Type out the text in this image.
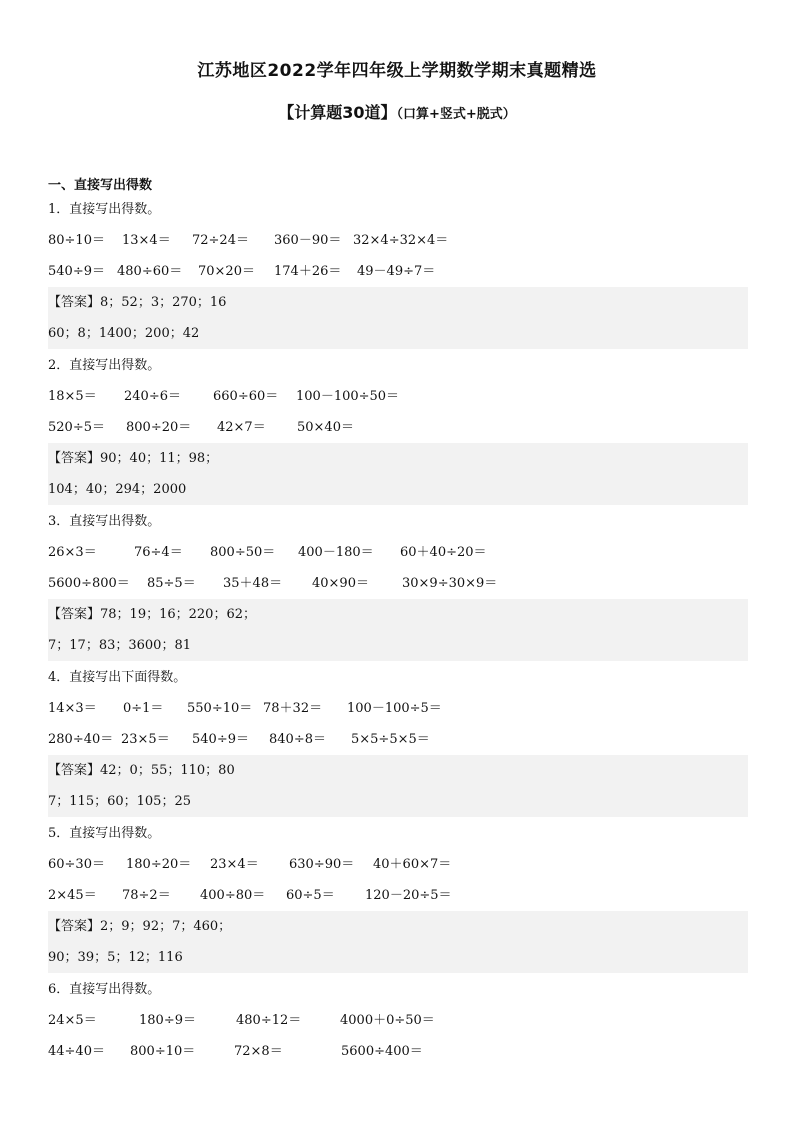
江苏地区2022学年四年级上学期数学期末真题精选
【计算题30道】（口算+竖式+脱式）
一、直接写出得数
1．直接写出得数。
80÷10＝ 13×4＝ 72÷24＝ 360－90＝ 32×4÷32×4＝
540÷9＝ 480÷60＝ 70×20＝ 174＋26＝ 49－49÷7＝
【答案】8；52；3；270；16
60；8；1400；200；42
2．直接写出得数。
18×5＝ 240÷6＝ 660÷60＝ 100－100÷50＝
520÷5＝ 800÷20＝ 42×7＝ 50×40＝
【答案】90；40；11；98；
104；40；294；2000
3．直接写出得数。
26×3＝	76÷4＝ 800÷50＝ 400－180＝ 60＋40÷20＝
5600÷800＝ 85÷5＝ 35＋48＝ 40×90＝	30×9÷30×9＝
【答案】78；19；16；220；62；
7；17；83；3600；81
4．直接写出下面得数。
14×3＝ 0÷1＝ 550÷10＝ 78＋32＝ 100－100÷5＝
280÷40＝ 23×5＝ 540÷9＝ 840÷8＝ 5×5÷5×5＝
【答案】42；0；55；110；80
7；115；60；105；25
5．直接写出得数。
60÷30＝ 180÷20＝ 23×4＝ 630÷90＝ 40＋60×7＝
2×45＝ 78÷2＝ 400÷80＝ 60÷5＝ 120－20÷5＝
【答案】2；9；92；7；460；
90；39；5；12；116
6．直接写出得数。
24×5＝	180÷9＝	480÷12＝	4000＋0÷50＝
44÷40＝ 800÷10＝	72×8＝	5600÷400＝
